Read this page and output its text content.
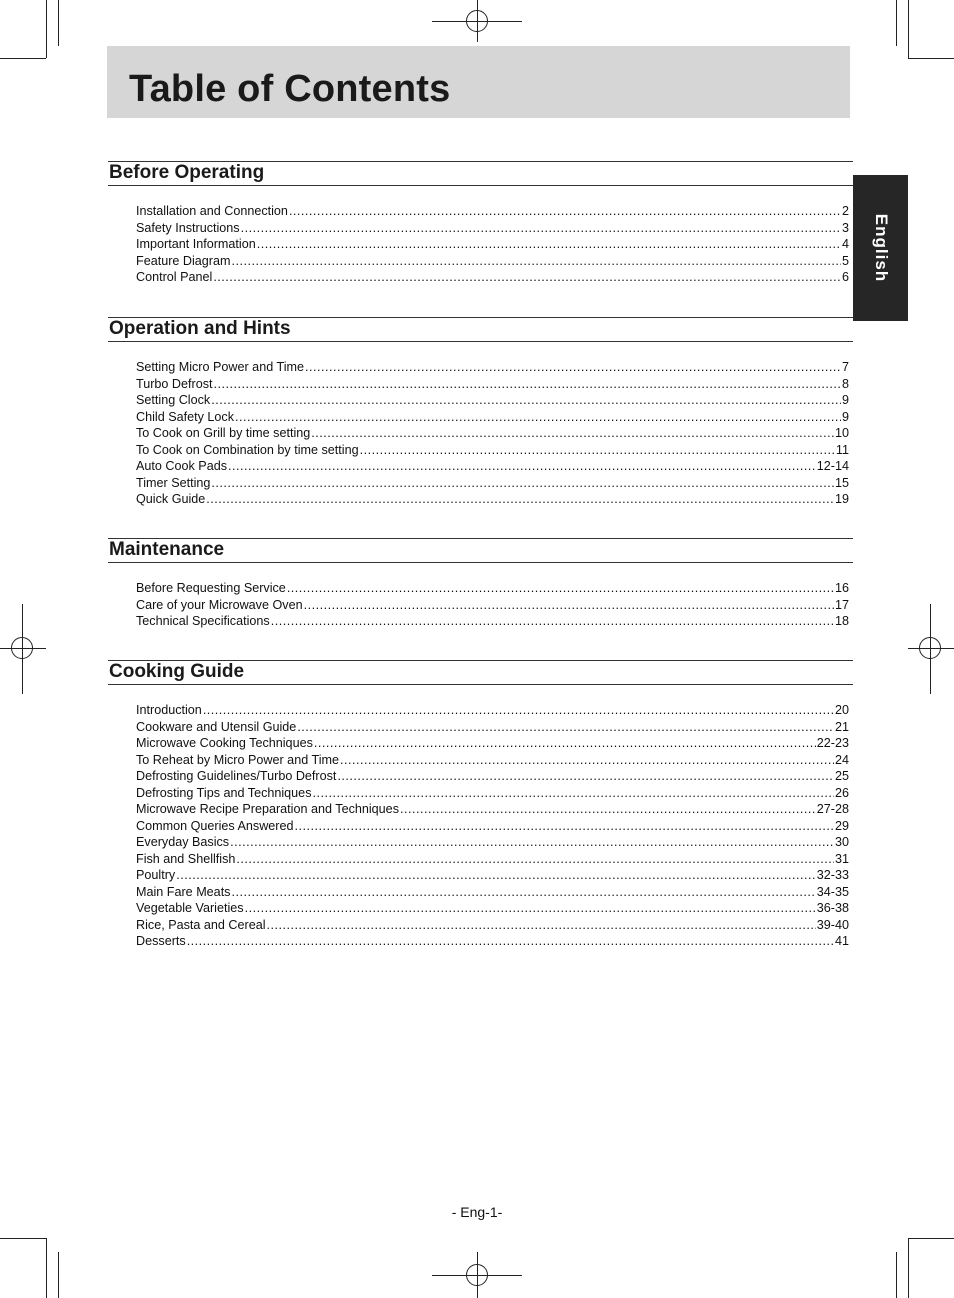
Table of Contents
English
Before Operating
Installation and Connection .....	2
Safety Instructions .....	3
Important Information .....	4
Feature Diagram .....	5
Control Panel .....	6
Operation and Hints
Setting Micro Power and Time .....	7
Turbo Defrost .....	8
Setting Clock .....	9
Child Safety Lock .....	9
To Cook on Grill by time setting .....	10
To Cook on Combination by time setting .....	11
Auto Cook Pads .....	12-14
Timer Setting .....	15
Quick Guide .....	19
Maintenance
Before Requesting Service .....	16
Care of your Microwave Oven .....	17
Technical Specifications .....	18
Cooking Guide
Introduction .....	20
Cookware and Utensil Guide .....	21
Microwave Cooking Techniques .....	22-23
To Reheat by Micro Power and Time .....	24
Defrosting Guidelines/Turbo Defrost .....	25
Defrosting Tips and Techniques .....	26
Microwave Recipe Preparation and Techniques .....	27-28
Common Queries Answered .....	29
Everyday Basics .....	30
Fish and Shellfish .....	31
Poultry .....	32-33
Main Fare Meats .....	34-35
Vegetable Varieties .....	36-38
Rice, Pasta and Cereal .....	39-40
Desserts .....	41
- Eng-1-
